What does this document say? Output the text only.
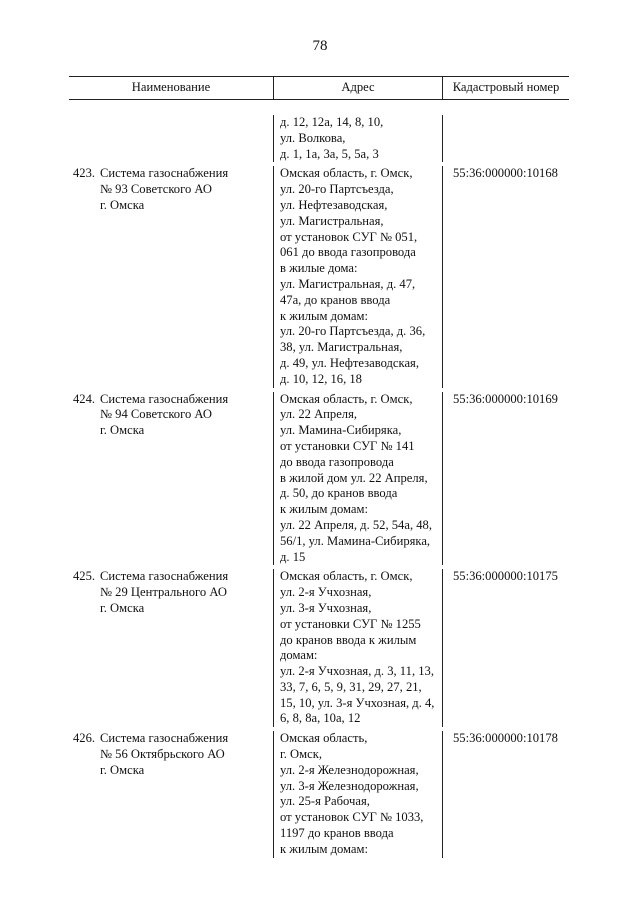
78
Наименование	Адрес	Кадастровый номер
д. 12, 12а, 14, 8, 10,
ул. Волкова,
д. 1, 1а, 3а, 5, 5а, 3
423. Система газоснабжения
№ 93 Советского АО
г. Омска
Омская область, г. Омск,
ул. 20-го Партсъезда,
ул. Нефтезаводская,
ул. Магистральная,
от установок СУГ № 051,
061 до ввода газопровода
в жилые дома:
ул. Магистральная, д. 47,
47а, до кранов ввода
к жилым домам:
ул. 20-го Партсъезда, д. 36,
38, ул. Магистральная,
д. 49, ул. Нефтезаводская,
д. 10, 12, 16, 18
55:36:000000:10168
424. Система газоснабжения
№ 94 Советского АО
г. Омска
Омская область, г. Омск,
ул. 22 Апреля,
ул. Мамина-Сибиряка,
от установки СУГ № 141
до ввода газопровода
в жилой дом ул. 22 Апреля,
д. 50, до кранов ввода
к жилым домам:
ул. 22 Апреля, д. 52, 54а, 48,
56/1, ул. Мамина-Сибиряка,
д. 15
55:36:000000:10169
425. Система газоснабжения
№ 29 Центрального АО
г. Омска
Омская область, г. Омск,
ул. 2-я Учхозная,
ул. 3-я Учхозная,
от установки СУГ № 1255
до кранов ввода к жилым
домам:
ул. 2-я Учхозная, д. 3, 11, 13,
33, 7, 6, 5, 9, 31, 29, 27, 21,
15, 10, ул. 3-я Учхозная, д. 4,
6, 8, 8а, 10а, 12
55:36:000000:10175
426. Система газоснабжения
№ 56 Октябрьского АО
г. Омска
Омская область,
г. Омск,
ул. 2-я Железнодорожная,
ул. 3-я Железнодорожная,
ул. 25-я Рабочая,
от установок СУГ № 1033,
1197 до кранов ввода
к жилым домам:
55:36:000000:10178
